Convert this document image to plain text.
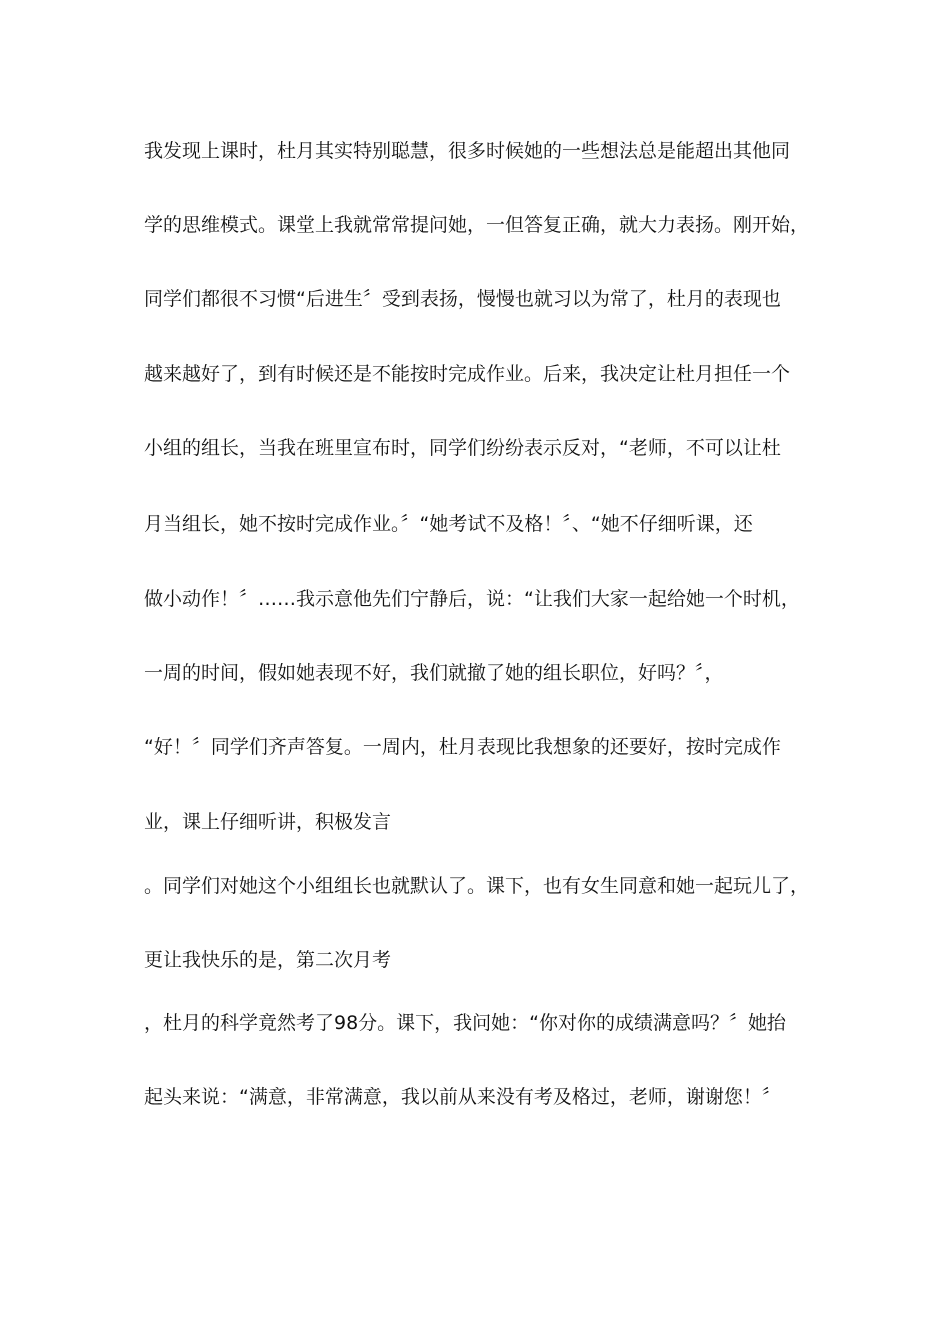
我发现上课时，杜月其实特别聪慧，很多时候她的一些想法总是能超出其他同
学的思维模式。课堂上我就常常提问她，一但答复正确，就大力表扬。刚开始，
同学们都很不习惯“后进生〞受到表扬，慢慢也就习以为常了，杜月的表现也
越来越好了，到有时候还是不能按时完成作业。后来，我决定让杜月担任一个
小组的组长，当我在班里宣布时，同学们纷纷表示反对，“老师，不可以让杜
月当组长，她不按时完成作业。〞“她考试不及格！〞、“她不仔细听课，还
做小动作！〞……我示意他先们宁静后，说：“让我们大家一起给她一个时机，
一周的时间，假如她表现不好，我们就撤了她的组长职位，好吗？〞，
“好！〞同学们齐声答复。一周内，杜月表现比我想象的还要好，按时完成作
业，课上仔细听讲，积极发言
。同学们对她这个小组组长也就默认了。课下，也有女生同意和她一起玩儿了，
更让我快乐的是，第二次月考
，杜月的科学竟然考了98分。课下，我问她：“你对你的成绩满意吗？〞她抬
起头来说：“满意，非常满意，我以前从来没有考及格过，老师，谢谢您！〞
